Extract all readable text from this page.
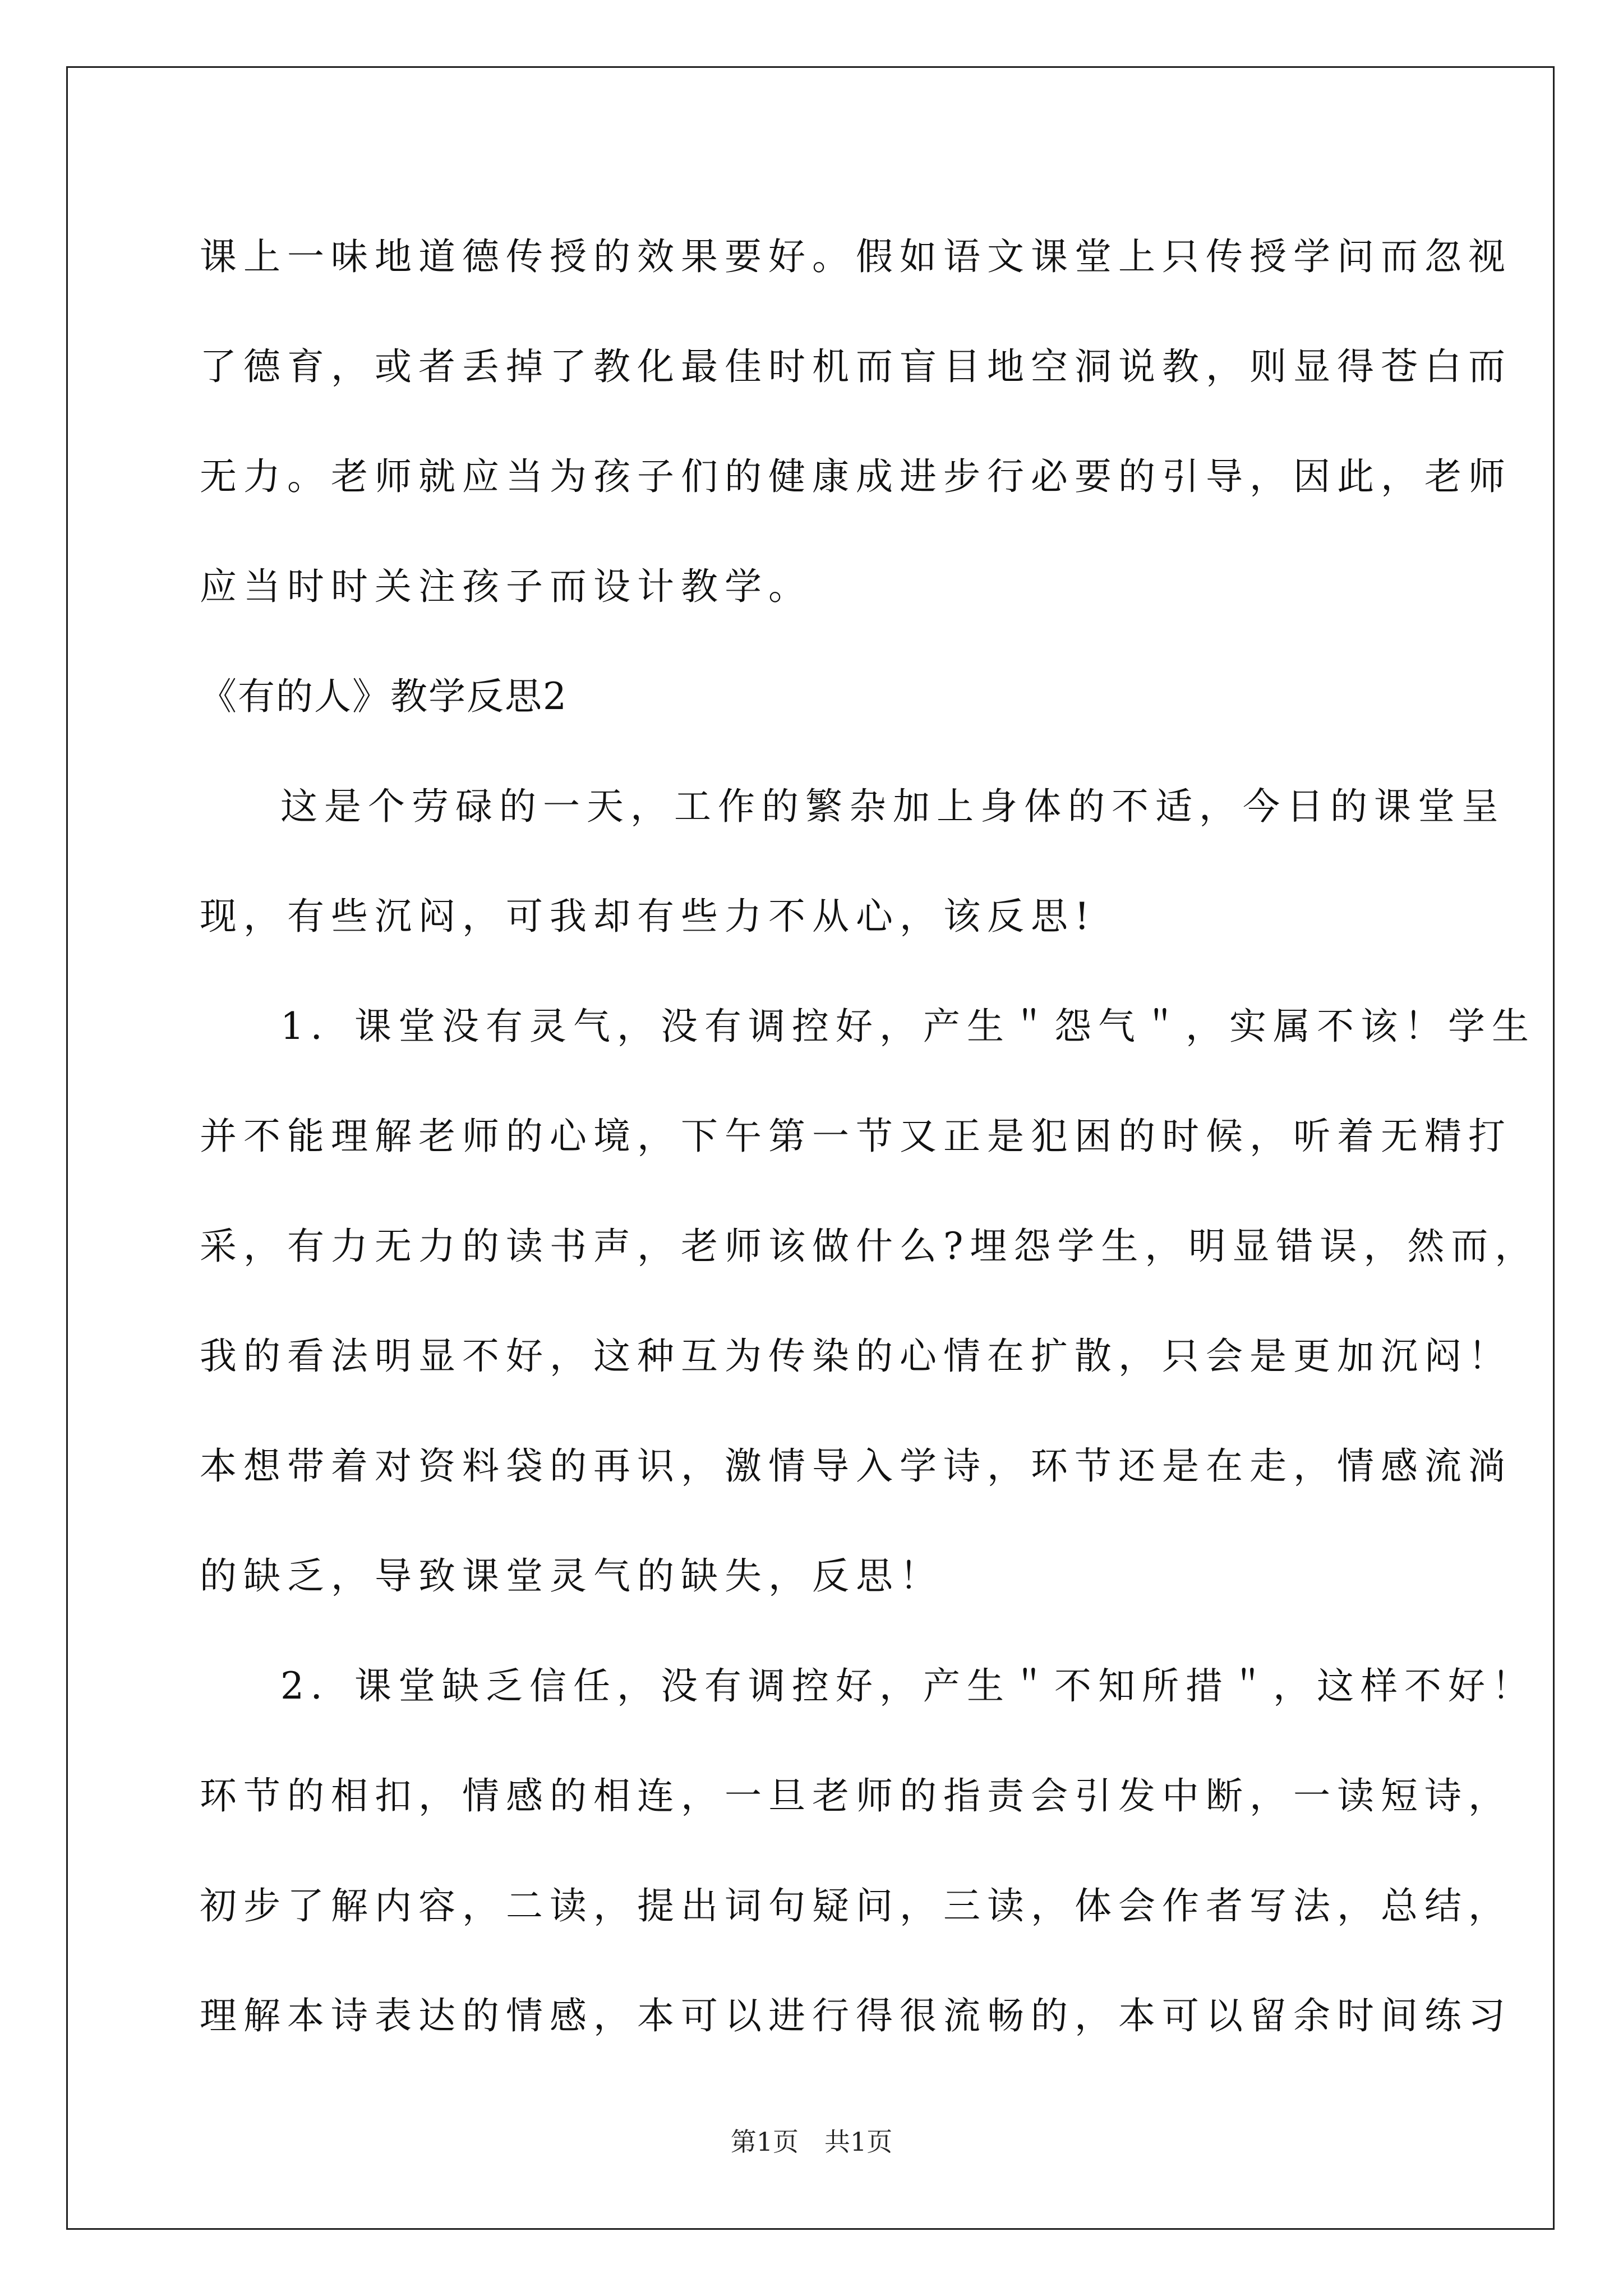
课上一味地道德传授的效果要好。假如语文课堂上只传授学问而忽视
了德育，或者丢掉了教化最佳时机而盲目地空洞说教，则显得苍白而
无力。老师就应当为孩子们的健康成进步行必要的引导，因此，老师
应当时时关注孩子而设计教学。
《有的人》教学反思2
这是个劳碌的一天，工作的繁杂加上身体的不适，今日的课堂呈
现，有些沉闷，可我却有些力不从心，该反思!
1．课堂没有灵气，没有调控好，产生＂怨气＂，实属不该！学生
并不能理解老师的心境，下午第一节又正是犯困的时候，听着无精打
采，有力无力的读书声，老师该做什么?埋怨学生，明显错误，然而，
我的看法明显不好，这种互为传染的心情在扩散，只会是更加沉闷！
本想带着对资料袋的再识，激情导入学诗，环节还是在走，情感流淌
的缺乏，导致课堂灵气的缺失，反思！
2．课堂缺乏信任，没有调控好，产生＂不知所措＂，这样不好！
环节的相扣，情感的相连，一旦老师的指责会引发中断，一读短诗，
初步了解内容，二读，提出词句疑问，三读，体会作者写法，总结，
理解本诗表达的情感，本可以进行得很流畅的，本可以留余时间练习
第1页　共1页
